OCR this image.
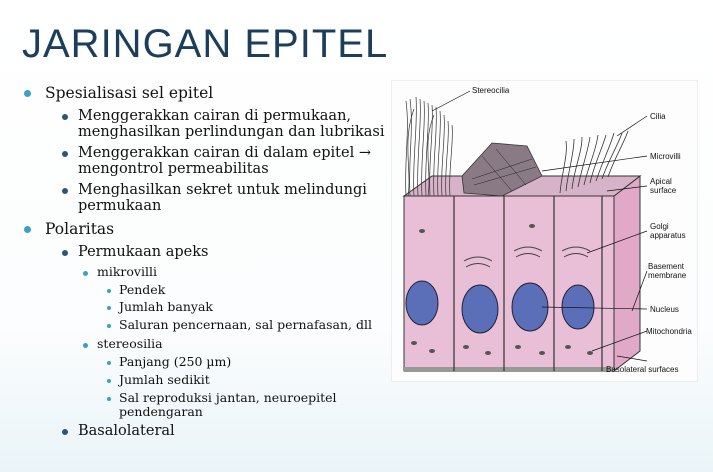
JARINGAN EPITEL
Spesialisasi sel epitel
Menggerakkan cairan di permukaan,
menghasilkan perlindungan dan lubrikasi
Menggerakkan cairan di dalam epitel →
mengontrol permeabilitas
Menghasilkan sekret untuk melindungi
permukaan
Polaritas
Permukaan apeks
mikrovilli
Pendek
Jumlah banyak
Saluran pencernaan, sal pernafasan, dll
stereosilia
Panjang (250 µm)
Jumlah sedikit
Sal reproduksi jantan, neuroepitel
pendengaran
Basalolateral
Stereocilia
Cilia
Microvilli
Apical
surface
Golgi
apparatus
Basement
membrane
Nucleus
Mitochondria
Basolateral surfaces
